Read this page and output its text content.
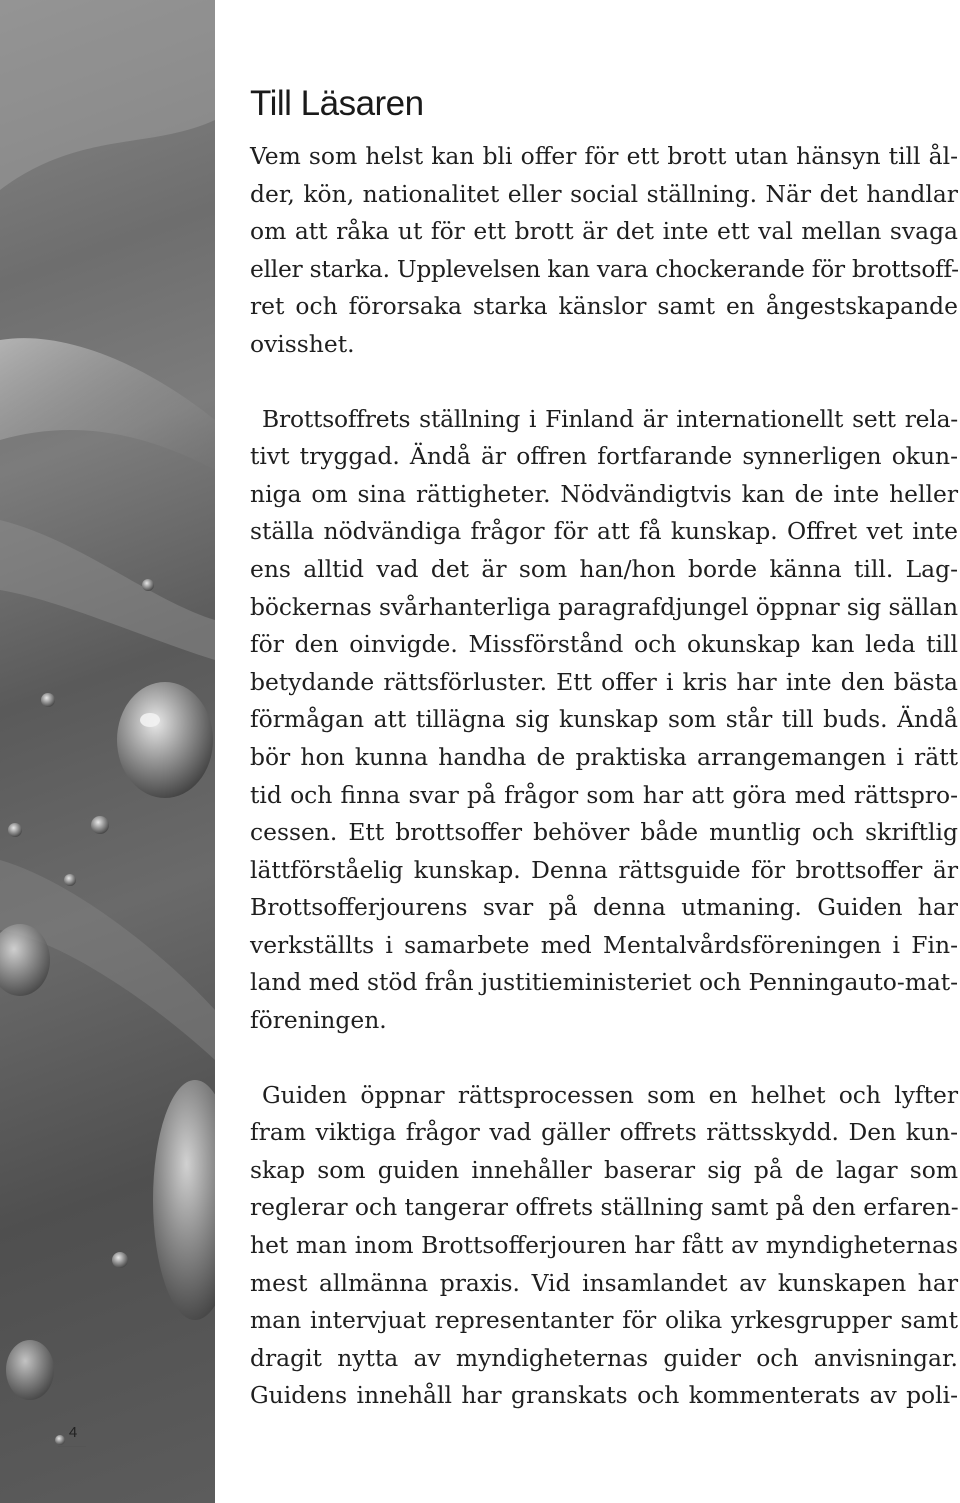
4
Till Läsaren

Vem som helst kan bli offer för ett brott utan hänsyn till ål-
der, kön, nationalitet eller social ställning. När det handlar
om att råka ut för ett brott är det inte ett val mellan svaga
eller starka. Upplevelsen kan vara chockerande för brottsoff-
ret och förorsaka starka känslor samt en ångestskapande
ovisshet.

Brottsoffrets ställning i Finland är internationellt sett rela-
tivt tryggad. Ändå är offren fortfarande synnerligen okun-
niga om sina rättigheter. Nödvändigtvis kan de inte heller
ställa nödvändiga frågor för att få kunskap. Offret vet inte
ens alltid vad det är som han/hon borde känna till. Lag-
böckernas svårhanterliga paragrafdjungel öppnar sig sällan
för den oinvigde. Missförstånd och okunskap kan leda till
betydande rättsförluster. Ett offer i kris har inte den bästa
förmågan att tillägna sig kunskap som står till buds. Ändå
bör hon kunna handha de praktiska arrangemangen i rätt
tid och finna svar på frågor som har att göra med rättspro-
cessen. Ett brottsoffer behöver både muntlig och skriftlig
lättförståelig kunskap. Denna rättsguide för brottsoffer är
Brottsofferjourens svar på denna utmaning. Guiden har
verkställts i samarbete med Mentalvårdsföreningen i Fin-
land med stöd från justitieministeriet och Penningauto-mat-
föreningen.

Guiden öppnar rättsprocessen som en helhet och lyfter
fram viktiga frågor vad gäller offrets rättsskydd. Den kun-
skap som guiden innehåller baserar sig på de lagar som
reglerar och tangerar offrets ställning samt på den erfaren-
het man inom Brottsofferjouren har fått av myndigheternas
mest allmänna praxis. Vid insamlandet av kunskapen har
man intervjuat representanter för olika yrkesgrupper samt
dragit nytta av myndigheternas guider och anvisningar.
Guidens innehåll har granskats och kommenterats av poli-
